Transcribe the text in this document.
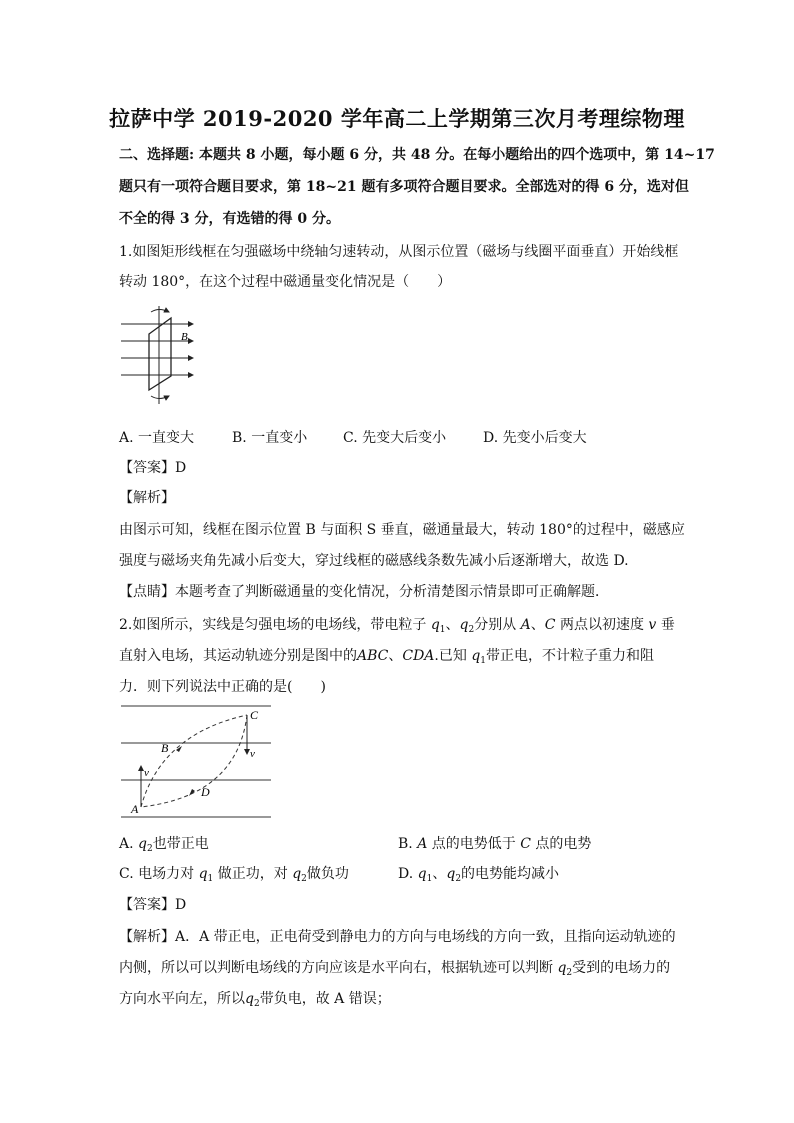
拉萨中学 2019-2020 学年高二上学期第三次月考理综物理
二、选择题: 本题共 8 小题，每小题 6 分，共 48 分。在每小题给出的四个选项中，第 14~17
题只有一项符合题目要求，第 18~21 题有多项符合题目要求。全部选对的得 6 分，选对但
不全的得 3 分，有选错的得 0 分。
1.如图矩形线框在匀强磁场中绕轴匀速转动，从图示位置（磁场与线圈平面垂直）开始线框
转动 180°，在这个过程中磁通量变化情况是（　　）
B
A. 一直变大	B. 一直变小	C. 先变大后变小	D. 先变小后变大
【答案】D
【解析】
由图示可知，线框在图示位置 B 与面积 S 垂直，磁通量最大，转动 180°的过程中，磁感应
强度与磁场夹角先减小后变大，穿过线框的磁感线条数先减小后逐渐增大，故选 D.
【点睛】本题考查了判断磁通量的变化情况，分析清楚图示情景即可正确解题．
2.如图所示，实线是匀强电场的电场线，带电粒子 $q_1$、$q_2$分别从 A、C 两点以初速度 v 垂
直射入电场，其运动轨迹分别是图中的ABC、CDA.已知 $q_1$带正电，不计粒子重力和阻
力．则下列说法中正确的是(　　)
C
B	v
v
D
A
A. $q_2$也带正电	B. A 点的电势低于 C 点的电势
C. 电场力对 $q_1$ 做正功，对 $q_2$做负功	D. $q_1$、$q_2$的电势能均减小
【答案】D
【解析】A．A 带正电，正电荷受到静电力的方向与电场线的方向一致，且指向运动轨迹的
内侧，所以可以判断电场线的方向应该是水平向右，根据轨迹可以判断 $q_2$受到的电场力的
方向水平向左，所以$q_2$带负电，故 A 错误；
